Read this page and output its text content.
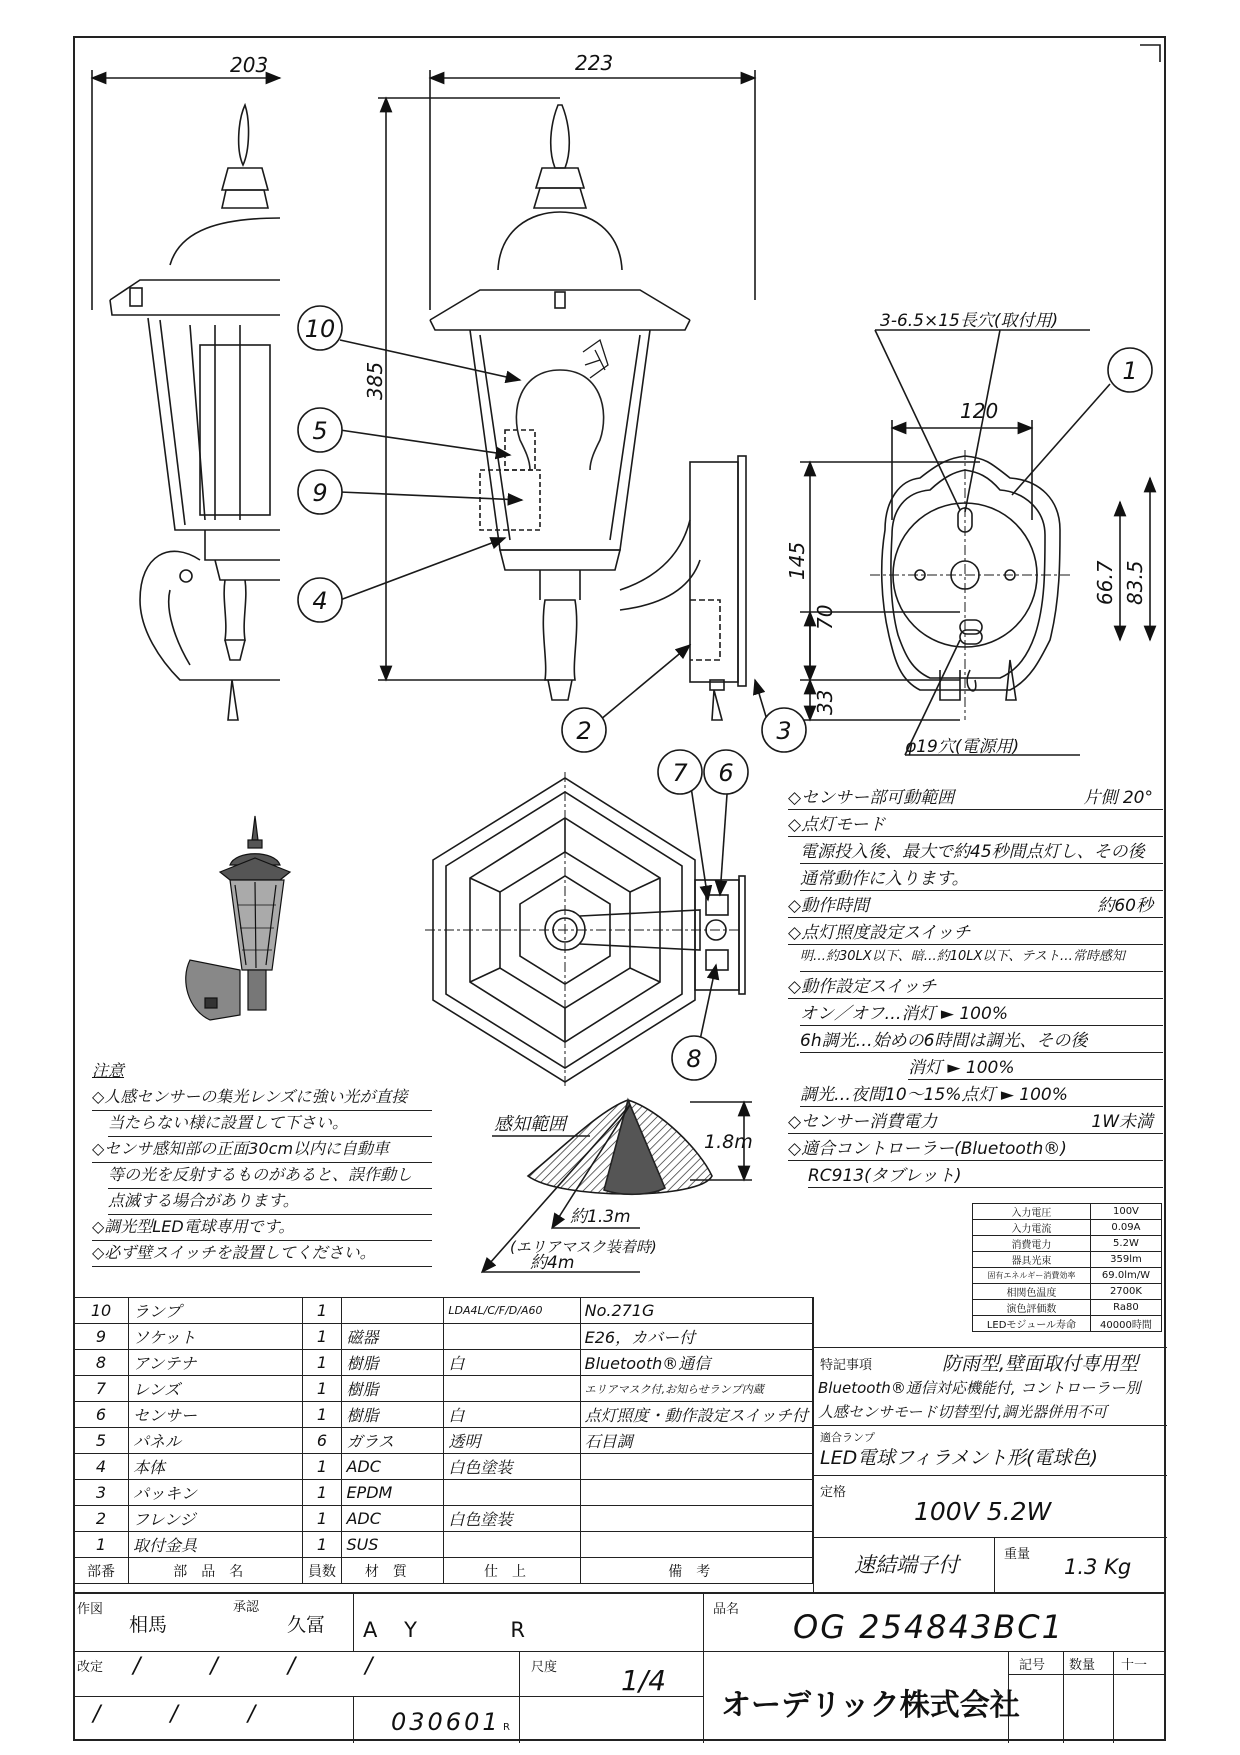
10
5
9
4
2	3
1
7 6
8
203	223
385
145
70
33
120
66.7 83.5
3-6.5×15長穴(取付用)
φ19穴(電源用)
感知範囲
1.8m
約1.3m
(エリアマスク装着時)
約4m
◇センサー部可動範囲	片側 20°
◇点灯モード
電源投入後、最大で約45秒間点灯し、その後
通常動作に入ります。
◇動作時間	約60秒
◇点灯照度設定スイッチ
明…約30LX以下、暗…約10LX以下、テスト…常時感知
◇動作設定スイッチ
オン／オフ…消灯 ► 100%
6h調光…始めの6時間は調光、その後
消灯 ► 100%
調光…夜間10～15%点灯 ► 100%
◇センサー消費電力	1W未満
◇適合コントローラー(Bluetooth®)
RC913(タブレット)
入力電圧	100V
入力電流	0.09A
消費電力	5.2W
器具光束	359lm
固有エネルギー消費効率	69.0lm/W
相関色温度	2700K
演色評価数	Ra80
LEDモジュール寿命	40000時間
注意
◇人感センサーの集光レンズに強い光が直接
当たらない様に設置して下さい。
◇センサ感知部の正面30cm以内に自動車
等の光を反射するものがあると、誤作動し
点滅する場合があります。
◇調光型LED電球専用です。
◇必ず壁スイッチを設置してください。
10	ランプ	1		LDA4L/C/F/D/A60	No.271G
9	ソケット	1	磁器		E26，カバー付
8	アンテナ	1	樹脂	白	Bluetooth®通信
7	レンズ	1	樹脂		エリアマスク付,お知らせランプ内蔵
6	センサー	1	樹脂	白	点灯照度・動作設定スイッチ付
5	パネル	6	ガラス	透明	石目調
4	本体	1	ADC	白色塗装	
3	パッキン	1	EPDM		
2	フレンジ	1	ADC	白色塗装	
1	取付金具	1	SUS		
部番	部品名	員数	材質	仕上	備考
特記事項	防雨型,壁面取付専用型
Bluetooth®通信対応機能付, コントローラー別
人感センサモード切替型付,調光器併用不可
適合ランプ
LED電球フィラメント形(電球色)
定格
100V 5.2W
速結端子付	重量
1.3 Kg
作図
相馬
承認
久冨 A    Y              R
品名 OG 254843BC1
改定 /          /          /          /
/          /          /
尺度 1/4
030601 R
オーデリック株式会社
記号 数量 十一
